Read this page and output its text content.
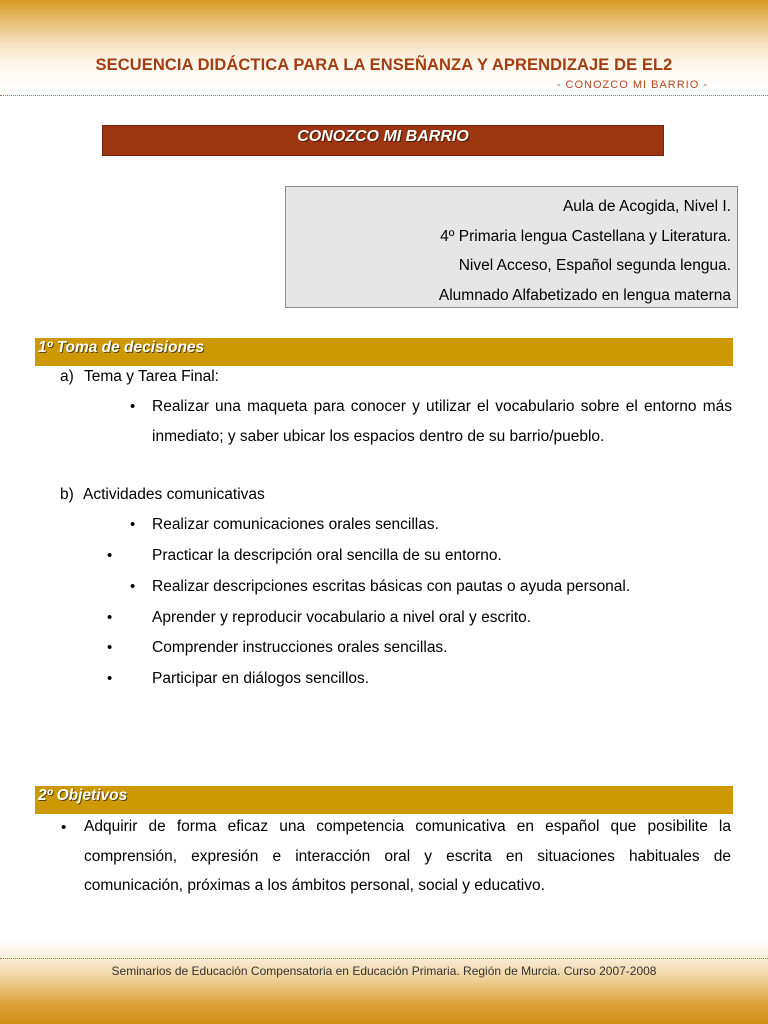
SECUENCIA DIDÁCTICA PARA LA ENSEÑANZA Y APRENDIZAJE DE EL2
- CONOZCO MI BARRIO -
CONOZCO MI BARRIO
Aula de Acogida, Nivel I.
4º Primaria lengua Castellana y Literatura.
Nivel Acceso, Español segunda lengua.
Alumnado Alfabetizado en lengua materna
1º Toma de decisiones
a) Tema y Tarea Final:
• Realizar una maqueta para conocer y utilizar el vocabulario sobre el entorno más inmediato; y saber ubicar los espacios dentro de su barrio/pueblo.
b) Actividades comunicativas
• Realizar comunicaciones orales sencillas.
•	Practicar la descripción oral sencilla de su entorno.
• Realizar descripciones escritas básicas con pautas o ayuda personal.
•	Aprender y reproducir vocabulario a nivel oral y escrito.
•	Comprender instrucciones orales sencillas.
•	Participar en diálogos sencillos.
2º Objetivos
• Adquirir de forma eficaz una competencia comunicativa en español que posibilite la comprensión, expresión e interacción oral y escrita en situaciones habituales de comunicación, próximas a los ámbitos personal, social y educativo.
Seminarios de Educación Compensatoria en Educación Primaria. Región de Murcia. Curso 2007-2008
